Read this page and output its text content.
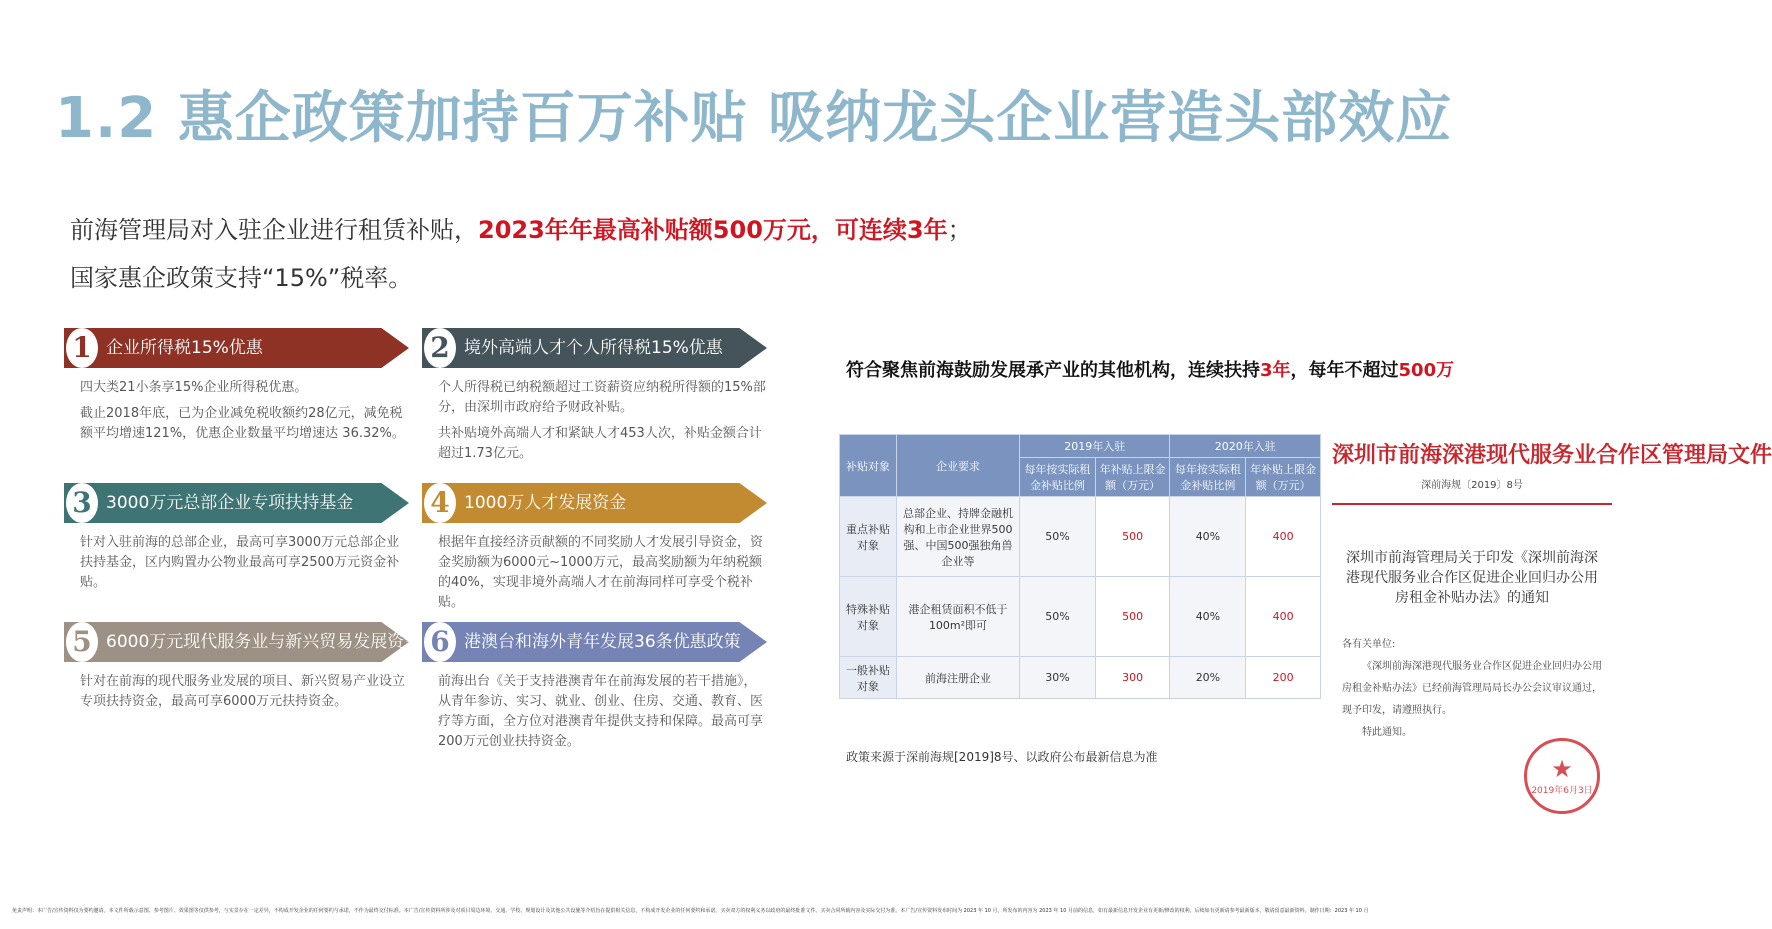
1.2 惠企政策加持百万补贴 吸纳龙头企业营造头部效应
前海管理局对入驻企业进行租赁补贴，2023年年最高补贴额500万元，可连续3年；
国家惠企政策支持“15%”税率。
1 企业所得税15%优惠

四大类21小条享15%企业所得税优惠。

截止2018年底，已为企业减免税收额约28亿元，减免税额平均增速121%，优惠企业数量平均增速达 36.32%。

2 境外高端人才个人所得税15%优惠

个人所得税已纳税额超过工资薪资应纳税所得额的15%部分，由深圳市政府给予财政补贴。

共补贴境外高端人才和紧缺人才453人次，补贴金额合计超过1.73亿元。

3 3000万元总部企业专项扶持基金

针对入驻前海的总部企业，最高可享3000万元总部企业扶持基金，区内购置办公物业最高可享2500万元资金补贴。

4 1000万人才发展资金

根据年直接经济贡献额的不同奖励人才发展引导资金，资金奖励额为6000元~1000万元，最高奖励额为年纳税额的40%，实现非境外高端人才在前海同样可享受个税补贴。

5 6000万元现代服务业与新兴贸易发展资金

针对在前海的现代服务业发展的项目、新兴贸易产业设立专项扶持资金，最高可享6000万元扶持资金。

6 港澳台和海外青年发展36条优惠政策

前海出台《关于支持港澳青年在前海发展的若干措施》，从青年参访、实习、就业、创业、住房、交通、教育、医疗等方面，全方位对港澳青年提供支持和保障。最高可享200万元创业扶持资金。

符合聚焦前海鼓励发展承产业的其他机构，连续扶持3年，每年不超过500万
补贴对象	企业要求	2019年入驻		2020年入驻	
		每年按实际租金补贴比例	年补贴上限金额（万元）	每年按实际租金补贴比例	年补贴上限金额（万元）
重点补贴对象	总部企业、持牌金融机构和上市企业世界500强、中国500强独角兽企业等	50%	500	40%	400
特殊补贴对象	港企租赁面积不低于100m²即可	50%	500	40%	400
一般补贴对象	前海注册企业	30%	300	20%	200
政策来源于深前海规[2019]8号、以政府公布最新信息为准
深圳市前海深港现代服务业合作区管理局文件
深前海规〔2019〕8号
深圳市前海管理局关于印发《深圳前海深港现代服务业合作区促进企业回归办公用房租金补贴办法》的通知
各有关单位:
《深圳前海深港现代服务业合作区促进企业回归办公用房租金补贴办法》已经前海管理局局长办公会议审议通过，现予印发，请遵照执行。
特此通知。
★
2019年6月3日
免责声明：本广告/宣传资料仅为要约邀请。本文件所载示意图、参考图片、效果图等仅供参考，与实景存在一定差异，不构成开发企业的任何要约与承诺，不作为最终交付标准。本广告/宣传资料所涉及对项目周边环境、交通、学校、规划设计及其他公共设施等介绍旨在提供相关信息，不构成开发企业的任何要约和承诺。买卖双方的权利义务以政府的最终批准文件、买卖合同所载内容及实际交付为准。本广告/宣传资料发布时间为 2023 年 10 月，所发布的内容为 2023 年 10 月前的信息，如有最新信息开发企业有更新/修改的权利，后续如有更新请参考最新版本，敬请留意最新资料。制作日期：2023 年 10 月
